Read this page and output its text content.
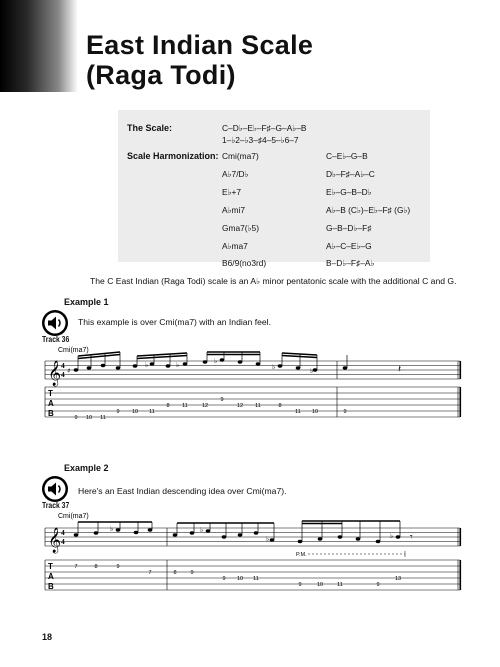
East Indian Scale
(Raga Todi)
The Scale:	C–D♭–E♭–F♯–G–A♭–B
1–♭2–♭3–♯4–5–♭6–7
Scale Harmonization: Cmi(ma7)	C–E♭–G–B
A♭7/D♭	D♭–F♯–A♭–C
E♭+7	E♭–G–B–D♭
A♭mi7	A♭–B (C♭)–E♭–F♯ (G♭)
Gma7(♭5)	G–B–D♭–F♯
A♭ma7	A♭–C–E♭–G
B6/9(no3rd)	B–D♭–F♯–A♭
The C East Indian (Raga Todi) scale is an A♭ minor pentatonic scale with the additional C and G.
Example 1
Track 36
This example is over Cmi(ma7) with an Indian feel.
Cmi(ma7)
𝄞 4
4 ♯
♭	♭	♭
♭	♭	𝄽
T
A
B	9 10 11
9 10 11
8 11	12
9
12 11	8
11 10	9
Example 2
Track 37
Here's an East Indian descending idea over Cmi(ma7).
Cmi(ma7)
𝄞 4
4
♭	♭
♭	♭ 𝄾
P.M.
T
A
B
7	8	9
7	8	9
9 10 11
9	10	11	9
13
18
